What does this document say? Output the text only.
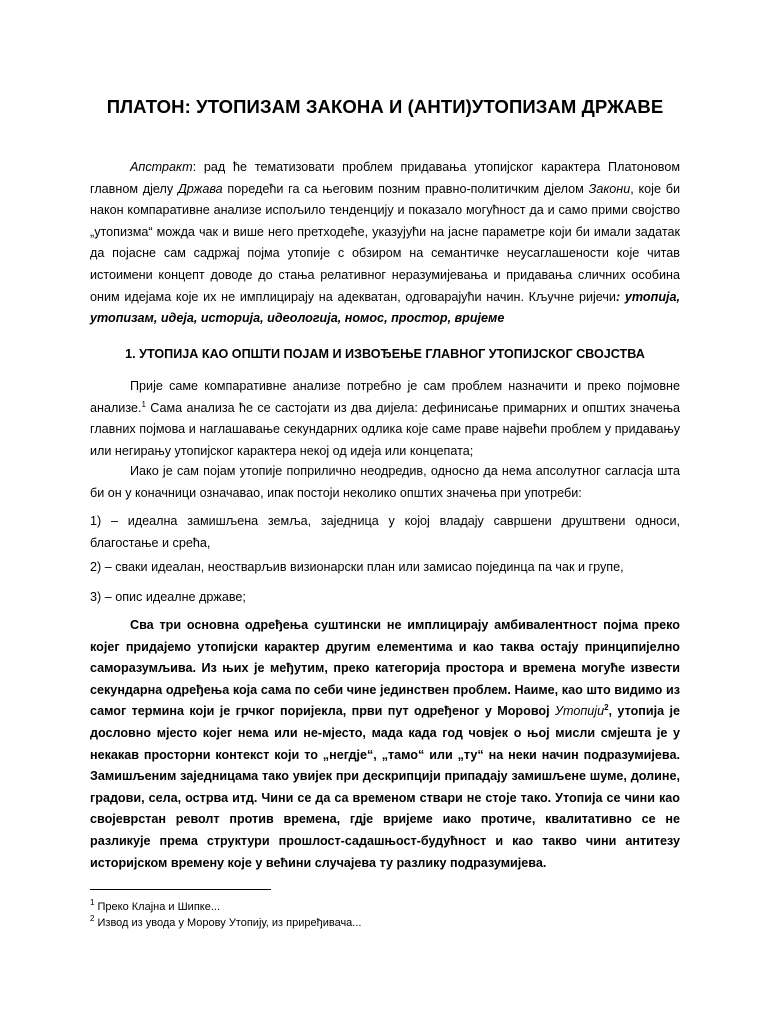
ПЛАТОН: УТОПИЗАМ ЗАКОНА И (АНТИ)УТОПИЗАМ ДРЖАВЕ

Апстракт: рад ће тематизовати проблем придавања утопијског карактера Платоновом главном дјелу Држава поредећи га са његовим позним правно-политичким дјелом Закони, које би након компаративне анализе испољило тенденцију и показало могућност да и само прими својство „утопизма“ можда чак и више него претходеће, указујући на јасне параметре који би имали задатак да појасне сам садржај појма утопије с обзиром на семантичке неусаглашености које читав истоимени концепт доводе до стања релативног неразумијевања и придавања сличних особина оним идејама које их не имплицирају на адекватан, одговарајући начин. Кључне ријечи: утопија, утопизам, идеја, историја, идеологија, номос, простор, вријеме

1. УТОПИЈА КАО ОПШТИ ПОЈАМ И ИЗВОЂЕЊЕ ГЛАВНОГ УТОПИЈСКОГ СВОЈСТВА

Прије саме компаративне анализе потребно је сам проблем назначити и преко појмовне анализе.$^1$ Сама анализа ће се састојати из два дијела: дефинисање примарних и општих значења главних појмова и наглашавање секундарних одлика које саме праве највећи проблем у придавању или негирању утопијског карактера некој од идеја или концепата;

Иако је сам појам утопије поприлично неодредив, односно да нема апсолутног сагласја шта би он у коначници означавао, ипак постоји неколико општих значења при употреби:

1) – идеална замишљена земља, заједница у којој владају савршени друштвени односи, благостање и срећа,

2) – сваки идеалан, неоствар‌љив визионарски план или замисао појединца па чак и групе,

3) – опис идеалне државе;

Сва три основна одређења суштински не имплицирају амбивалентност појма преко којег придајемо утопијски карактер другим елементима и као таква остају принципијелно саморазумљива. Из њих је међутим, преко категорија простора и времена могуће извести секундарна одређења која сама по себи чине јединствен проблем. Наиме, као што видимо из самог термина који је грчког поријекла, први пут одређеног у Моровој Утопији$^2$, утопија је дословно мјесто којег нема или не-мјесто, мада када год човјек о њој мисли смјешта је у некакав просторни контекст који то „негдје“, „тамо“ или „ту“ на неки начин подразумијева. Замишљеним заједницама тако увијек при дескрипцији припадају замишљене шуме, долине, градови, села, острва итд. Чини се да са временом ствари не стоје тако. Утопија се чини као својеврстан револт против времена, гдје вријеме иако протиче, квалитативно се не разликује према структури прошлост-садашњост-будућност и као такво чини антитезу историјском времену које у већини случајева ту разлику подразумијева.

$^1$ Преко Клајна и Шипке...
$^2$ Извод из увода у Морову Утопију, из приређивача...
